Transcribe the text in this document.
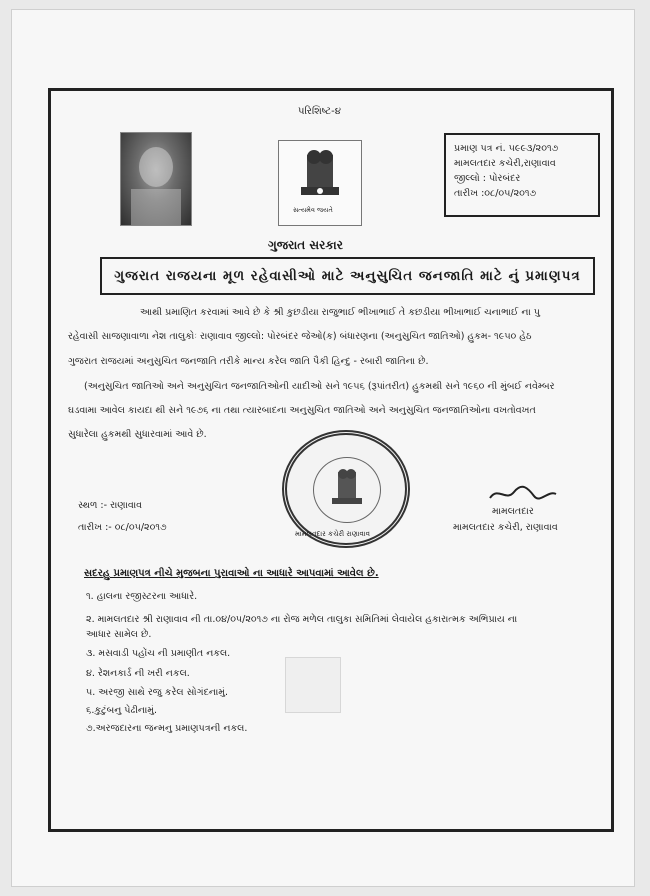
પરિશિષ્ટ-૪
સત્યમેવ જયતે
પ્રમાણ પત્ર નં. ૫૯૯૩/૨૦૧૭
મામલતદાર કચેરી,રાણાવાવ
જીલ્લો : પોરબંદર
તારીખ :૦૮/૦૫/૨૦૧૭
ગુજરાત સરકાર
ગુજરાત રાજયના મૂળ રહેવાસીઓ માટે અનુસુચિત જનજાતિ માટે નું પ્રમાણપત્ર
આથી પ્રમાણિત કરવામાં આવે છે કે શ્રી કુછડીયા રાજુભાઈ ભીખાભાઈ તે કછડીયા ભીખાભાઈ ચનાભાઈ ના પુ
રહેવાસી સાજણાવાળા નેશ તાલુકોઃ રાણાવાવ જીલ્લો: પોરબંદર જેઓ(ક) બંધારણના (અનુસુચિત જાતિઓ) હુકમ- ૧૯૫૦ હેઠ
ગુજરાત રાજયમાં અનુસુચિત જનજાતિ તરીકે માન્ય કરેલ જાતિ પૈકી હિન્દુ - રબારી જાતિના છે.
(અનુસુચિત જાતિઓ અને અનુસુચિત જનજાતિઓની યાદીઓ સને ૧૯૫૬ (રૂપાંતરીત) હુકમથી સને ૧૯૬૦ ની મુંબઈ નવેમ્બર
ઘડવામા આવેલ કાયદા થી સને ૧૯૭૬ ના તથા ત્યારબાદના અનુસુચિત જાતિઓ અને અનુસુચિત જનજાતિઓના વખતોવખત
સુધારેલા હુકમથી સુધારવામાં આવે છે.
મામલતદાર કચેરી રાણાવાવ
સ્થળ :- રાણાવાવ
તારીખ :- ૦૮/૦૫/૨૦૧૭
મામલતદાર
મામલતદાર કચેરી, રાણાવાવ
સદરહુ પ્રમાણપત્ર નીચે મુજબના પુરાવાઓ ના આધારે આપવામાં આવેલ છે.
૧. હાલના રજીસ્ટરના આધારે.
૨. મામલતદાર શ્રી રાણાવાવ ની તા.૦૪/૦૫/૨૦૧૭ ના રોજ મળેલ તાલુકા સમિતિમાં લેવાયેલ હકારાત્મક અભિપ્રાય ના
આધાર સામેલ છે.
૩. મસવાડી પહોંચ ની પ્રમાણીત નકલ.
૪. રેશનકાર્ડ ની ખરી નકલ.
૫. અરજી સાથે રજુ કરેલ સોગંદનામું.
૬.કુટુંબનુ પેઢીનામું.
૭.અરજદારના જન્મનુ પ્રમાણપત્રની નકલ.
